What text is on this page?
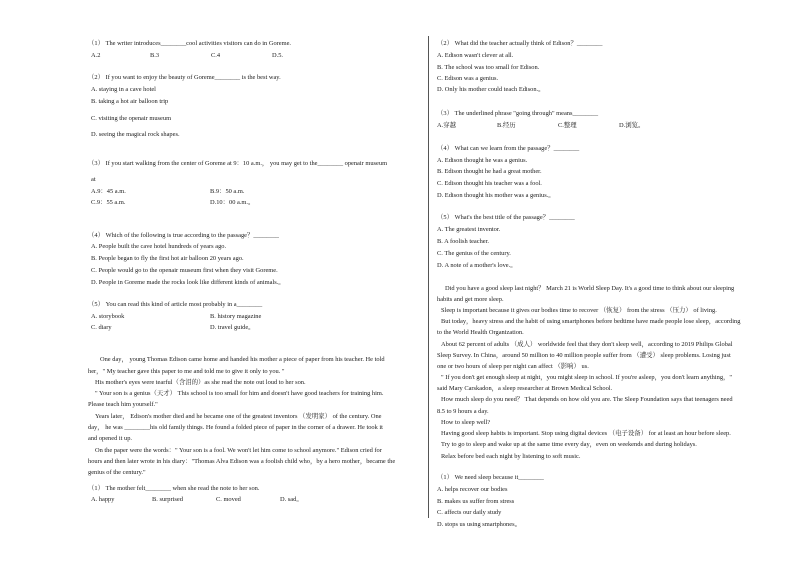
（1） The writer introduces________cool activities visitors can do in Goreme.
A.2	B.3	C.4	D.5.
（2） If you want to enjoy the beauty of Goreme________ is the best way.
A. staying in a cave hotel
B. taking a hot air balloon trip
C. visiting the openair museum
D. seeing the magical rock shapes.
（3） If you start walking from the center of Goreme at 9：10 a.m.， you may get to the________ openair museum
at
A.9：45 a.m.	B.9：50 a.m.
C.9：55 a.m.	D.10：00 a.m.。
（4） Which of the following is true according to the passage？________
A. People built the cave hotel hundreds of years ago.
B. People began to fly the first hot air balloon 20 years ago.
C. People would go to the openair museum first when they visit Goreme.
D. People in Goreme made the rocks look like different kinds of animals.。
（5） You can read this kind of article most probably in a________
A. storybook	B. history magazine
C. diary	D. travel guide。
One day， young Thomas Edison came home and handed his mother a piece of paper from his teacher. He told
her，" My teacher gave this paper to me and told me to give it only to you. "
His mother's eyes were tearful（含泪的）as she read the note out loud to her son.
" Your son is a genius（天才） This school is too small for him and doesn't have good teachers for training him.
Please teach him yourself."
Years later， Edison's mother died and he became one of the greatest inventors （发明家） of the century. One
day， he was ________his old family things. He found a folded piece of paper in the corner of a drawer. He took it
and opened it up.
On the paper were the words：" Your son is a fool. We won't let him come to school anymore." Edison cried for
hours and then later wrote in his diary："Thomas Alva Edison was a foolish child who，by a hero mother，became the
genius of the century."
（1） The mother felt________ when she read the note to her son.
A. happy	B. surprised	C. moved	D. sad。
（2） What did the teacher actually think of Edison？________
A. Edison wasn't clever at all.
B. The school was too small for Edison.
C. Edison was a genius.
D. Only his mother could teach Edison.。
（3） The underlined phrase "going through" means________
A.穿越	B.经历	C.整理	D.浏览。
（4） What can we learn from the passage？________
A. Edison thought he was a genius.
B. Edison thought he had a great mother.
C. Edison thought his teacher was a fool.
D. Edison thought his mother was a genius.。
（5） What's the best title of the passage？________
A. The greatest inventor.
B. A foolish teacher.
C. The genius of the century.
D. A note of a mother's love.。
Did you have a good sleep last night？ March 21 is World Sleep Day. It's a good time to think about our sleeping
habits and get more sleep.
Sleep is important because it gives our bodies time to recover （恢复） from the stress （压力） of living.
But today，heavy stress and the habit of using smartphones before bedtime have made people lose sleep，according
to the World Health Organization.
About 62 percent of adults （成人） worldwide feel that they don't sleep well，according to 2019 Philips Global
Sleep Survey. In China，around 50 million to 40 million people suffer from （遭受） sleep problems. Losing just
one or two hours of sleep per night can affect （影响） us.
" If you don't get enough sleep at night，you might sleep in school. If you're asleep，you don't learn anything，"
said Mary Carskadon，a sleep researcher at Brown Medical School.
How much sleep do you need？ That depends on how old you are. The Sleep Foundation says that teenagers need
8.5 to 9 hours a day.
How to sleep well?
Having good sleep habits is important. Stop using digital devices （电子设备） for at least an hour before sleep.
Try to go to sleep and wake up at the same time every day，even on weekends and during holidays.
Relax before bed each night by listening to soft music.
（1） We need sleep because it________
A. helps recover our bodies
B. makes us suffer from stress
C. affects our daily study
D. stops us using smartphones。
